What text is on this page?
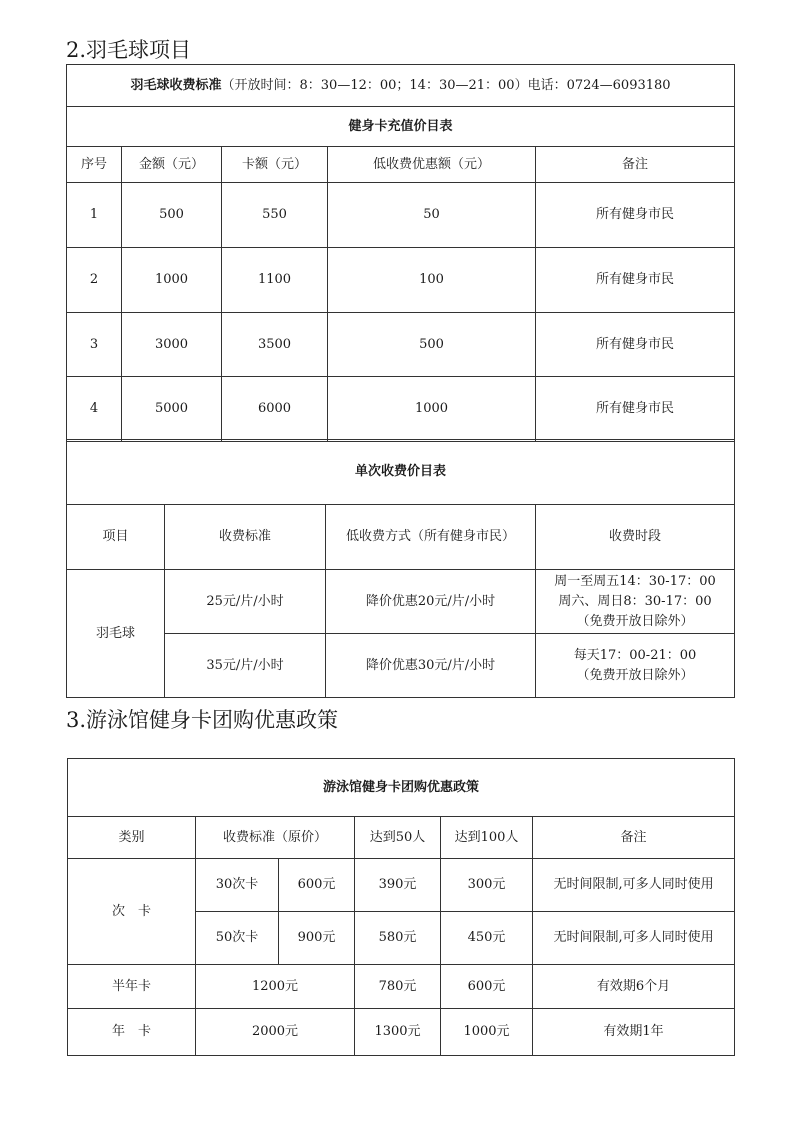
2.羽毛球项目
羽毛球收费标准（开放时间：8：30—12：00；14：30—21：00）电话：0724—6093180				
健身卡充值价目表				
序号	金额（元）	卡额（元）	低收费优惠额（元）	备注
1	500	550	50	所有健身市民
2	1000	1100	100	所有健身市民
3	3000	3500	500	所有健身市民
4	5000	6000	1000	所有健身市民
单次收费价目表			
项目	收费标准	低收费方式（所有健身市民）	收费时段
羽毛球	25元/片/小时	降价优惠20元/片/小时	周一至周五14：30-17：00
周六、周日8：30-17：00
（免费开放日除外）

	35元/片/小时	降价优惠30元/片/小时	每天17：00-21：00
（免费开放日除外）
3.游泳馆健身卡团购优惠政策
游泳馆健身卡团购优惠政策					
类别	收费标准（原价）		达到50人	达到100人	备注
次　卡	30次卡	600元	390元	300元	无时间限制,可多人同时使用
	50次卡	900元	580元	450元	无时间限制,可多人同时使用
半年卡	1200元		780元	600元	有效期6个月
年　卡	2000元		1300元	1000元	有效期1年
